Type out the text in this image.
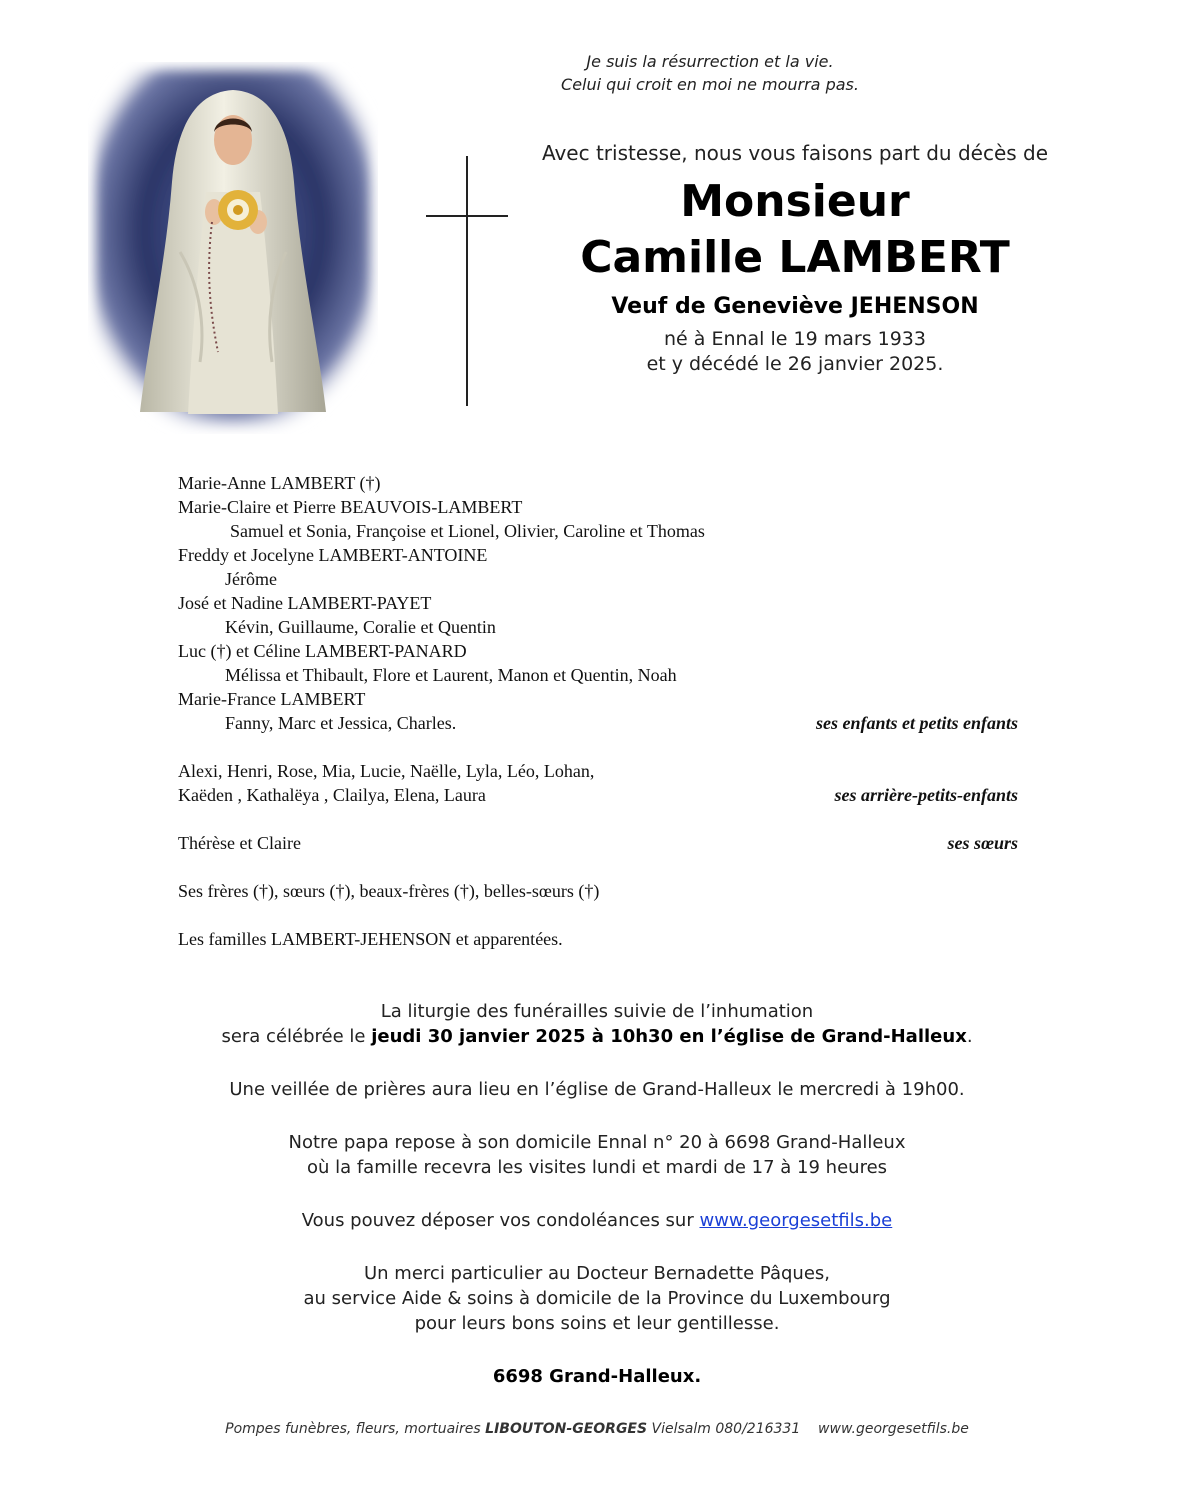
Je suis la résurrection et la vie.
Celui qui croit en moi ne mourra pas.
Avec tristesse, nous vous faisons part du décès de
Monsieur
Camille LAMBERT
Veuf de Geneviève JEHENSON
né à Ennal le 19 mars 1933
et y décédé le 26 janvier 2025.
Marie-Anne LAMBERT (†)
Marie-Claire et Pierre BEAUVOIS-LAMBERT
Samuel et Sonia, Françoise et Lionel, Olivier, Caroline et Thomas
Freddy et Jocelyne LAMBERT-ANTOINE
Jérôme
José et Nadine LAMBERT-PAYET
Kévin, Guillaume, Coralie et Quentin
Luc (†) et Céline LAMBERT-PANARD
Mélissa et Thibault, Flore et Laurent, Manon et Quentin, Noah
Marie-France LAMBERT
Fanny, Marc et Jessica, Charles.	ses enfants et petits enfants
Alexi, Henri, Rose, Mia, Lucie, Naëlle, Lyla, Léo, Lohan,
Kaëden , Kathalëya , Clailya, Elena, Laura	ses arrière-petits-enfants
Thérèse et Claire	ses sœurs
Ses frères (†), sœurs (†), beaux-frères (†), belles-sœurs (†)
Les familles LAMBERT-JEHENSON et apparentées.
La liturgie des funérailles suivie de l’inhumation
sera célébrée le jeudi 30 janvier 2025 à 10h30 en l’église de Grand-Halleux.
Une veillée de prières aura lieu en l’église de Grand-Halleux le mercredi à 19h00.
Notre papa repose à son domicile Ennal n° 20 à 6698 Grand-Halleux
où la famille recevra les visites lundi et mardi de 17 à 19 heures
Vous pouvez déposer vos condoléances sur www.georgesetfils.be
Un merci particulier au Docteur Bernadette Pâques,
au service Aide & soins à domicile de la Province du Luxembourg
pour leurs bons soins et leur gentillesse.
6698 Grand-Halleux.
Pompes funèbres, fleurs, mortuaires LIBOUTON-GEORGES Vielsalm 080/216331    www.georgesetfils.be
